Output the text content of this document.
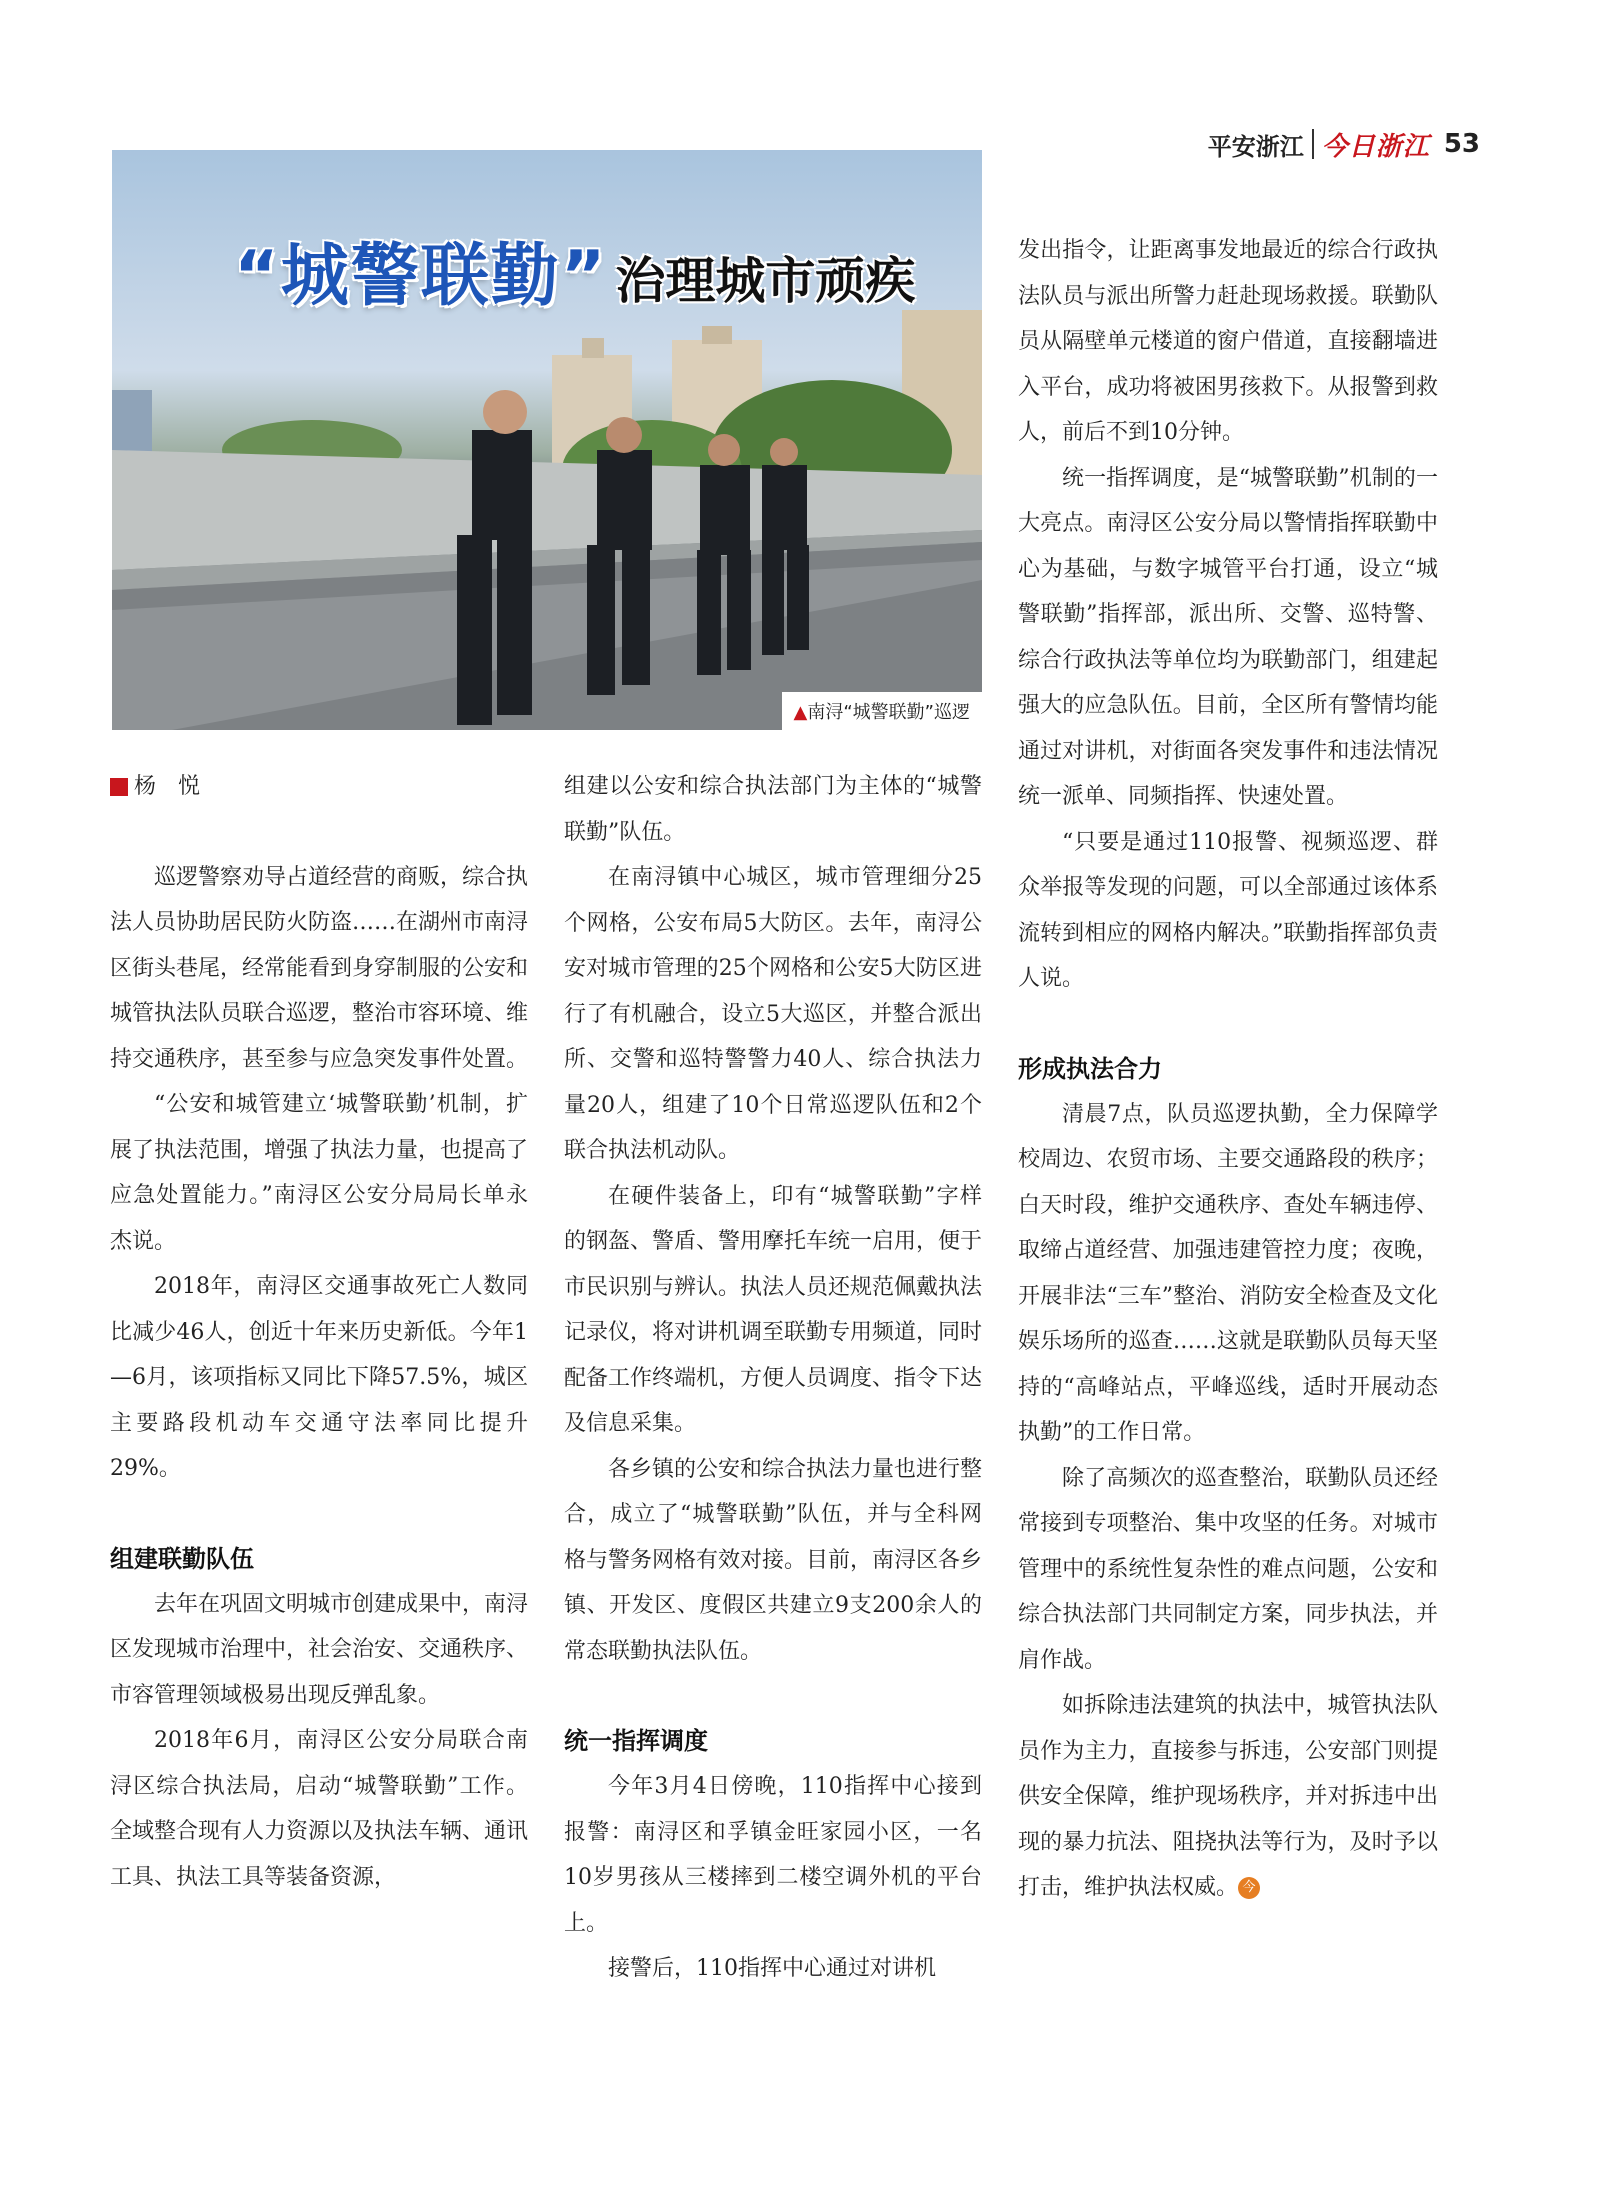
平安浙江 今日浙江 53
“城警联勤” 治理城市顽疾
▲南浔“城警联勤”巡逻
杨　悦

巡逻警察劝导占道经营的商贩，综合执法人员协助居民防火防盗……在湖州市南浔区街头巷尾，经常能看到身穿制服的公安和城管执法队员联合巡逻，整治市容环境、维持交通秩序，甚至参与应急突发事件处置。

“公安和城管建立‘城警联勤’机制，扩展了执法范围，增强了执法力量，也提高了应急处置能力。”南浔区公安分局局长单永杰说。

2018年，南浔区交通事故死亡人数同比减少46人，创近十年来历史新低。今年1—6月，该项指标又同比下降57.5%，城区主要路段机动车交通守法率同比提升29%。

组建联勤队伍

去年在巩固文明城市创建成果中，南浔区发现城市治理中，社会治安、交通秩序、市容管理领域极易出现反弹乱象。

2018年6月，南浔区公安分局联合南浔区综合执法局，启动“城警联勤”工作。全域整合现有人力资源以及执法车辆、通讯工具、执法工具等装备资源，

组建以公安和综合执法部门为主体的“城警联勤”队伍。

在南浔镇中心城区，城市管理细分25个网格，公安布局5大防区。去年，南浔公安对城市管理的25个网格和公安5大防区进行了有机融合，设立5大巡区，并整合派出所、交警和巡特警警力40人、综合执法力量20人，组建了10个日常巡逻队伍和2个联合执法机动队。

在硬件装备上，印有“城警联勤”字样的钢盔、警盾、警用摩托车统一启用，便于市民识别与辨认。执法人员还规范佩戴执法记录仪，将对讲机调至联勤专用频道，同时配备工作终端机，方便人员调度、指令下达及信息采集。

各乡镇的公安和综合执法力量也进行整合，成立了“城警联勤”队伍，并与全科网格与警务网格有效对接。目前，南浔区各乡镇、开发区、度假区共建立9支200余人的常态联勤执法队伍。

统一指挥调度

今年3月4日傍晚，110指挥中心接到报警：南浔区和孚镇金旺家园小区，一名10岁男孩从三楼摔到二楼空调外机的平台上。

接警后，110指挥中心通过对讲机

发出指令，让距离事发地最近的综合行政执法队员与派出所警力赶赴现场救援。联勤队员从隔壁单元楼道的窗户借道，直接翻墙进入平台，成功将被困男孩救下。从报警到救人，前后不到10分钟。

统一指挥调度，是“城警联勤”机制的一大亮点。南浔区公安分局以警情指挥联勤中心为基础，与数字城管平台打通，设立“城警联勤”指挥部，派出所、交警、巡特警、综合行政执法等单位均为联勤部门，组建起强大的应急队伍。目前，全区所有警情均能通过对讲机，对街面各突发事件和违法情况统一派单、同频指挥、快速处置。

“只要是通过110报警、视频巡逻、群众举报等发现的问题，可以全部通过该体系流转到相应的网格内解决。”联勤指挥部负责人说。

形成执法合力

清晨7点，队员巡逻执勤，全力保障学校周边、农贸市场、主要交通路段的秩序；白天时段，维护交通秩序、查处车辆违停、取缔占道经营、加强违建管控力度；夜晚，开展非法“三车”整治、消防安全检查及文化娱乐场所的巡查……这就是联勤队员每天坚持的“高峰站点，平峰巡线，适时开展动态执勤”的工作日常。

除了高频次的巡查整治，联勤队员还经常接到专项整治、集中攻坚的任务。对城市管理中的系统性复杂性的难点问题，公安和综合执法部门共同制定方案，同步执法，并肩作战。

如拆除违法建筑的执法中，城管执法队员作为主力，直接参与拆违，公安部门则提供安全保障，维护现场秩序，并对拆违中出现的暴力抗法、阻挠执法等行为，及时予以打击，维护执法权威。 今
